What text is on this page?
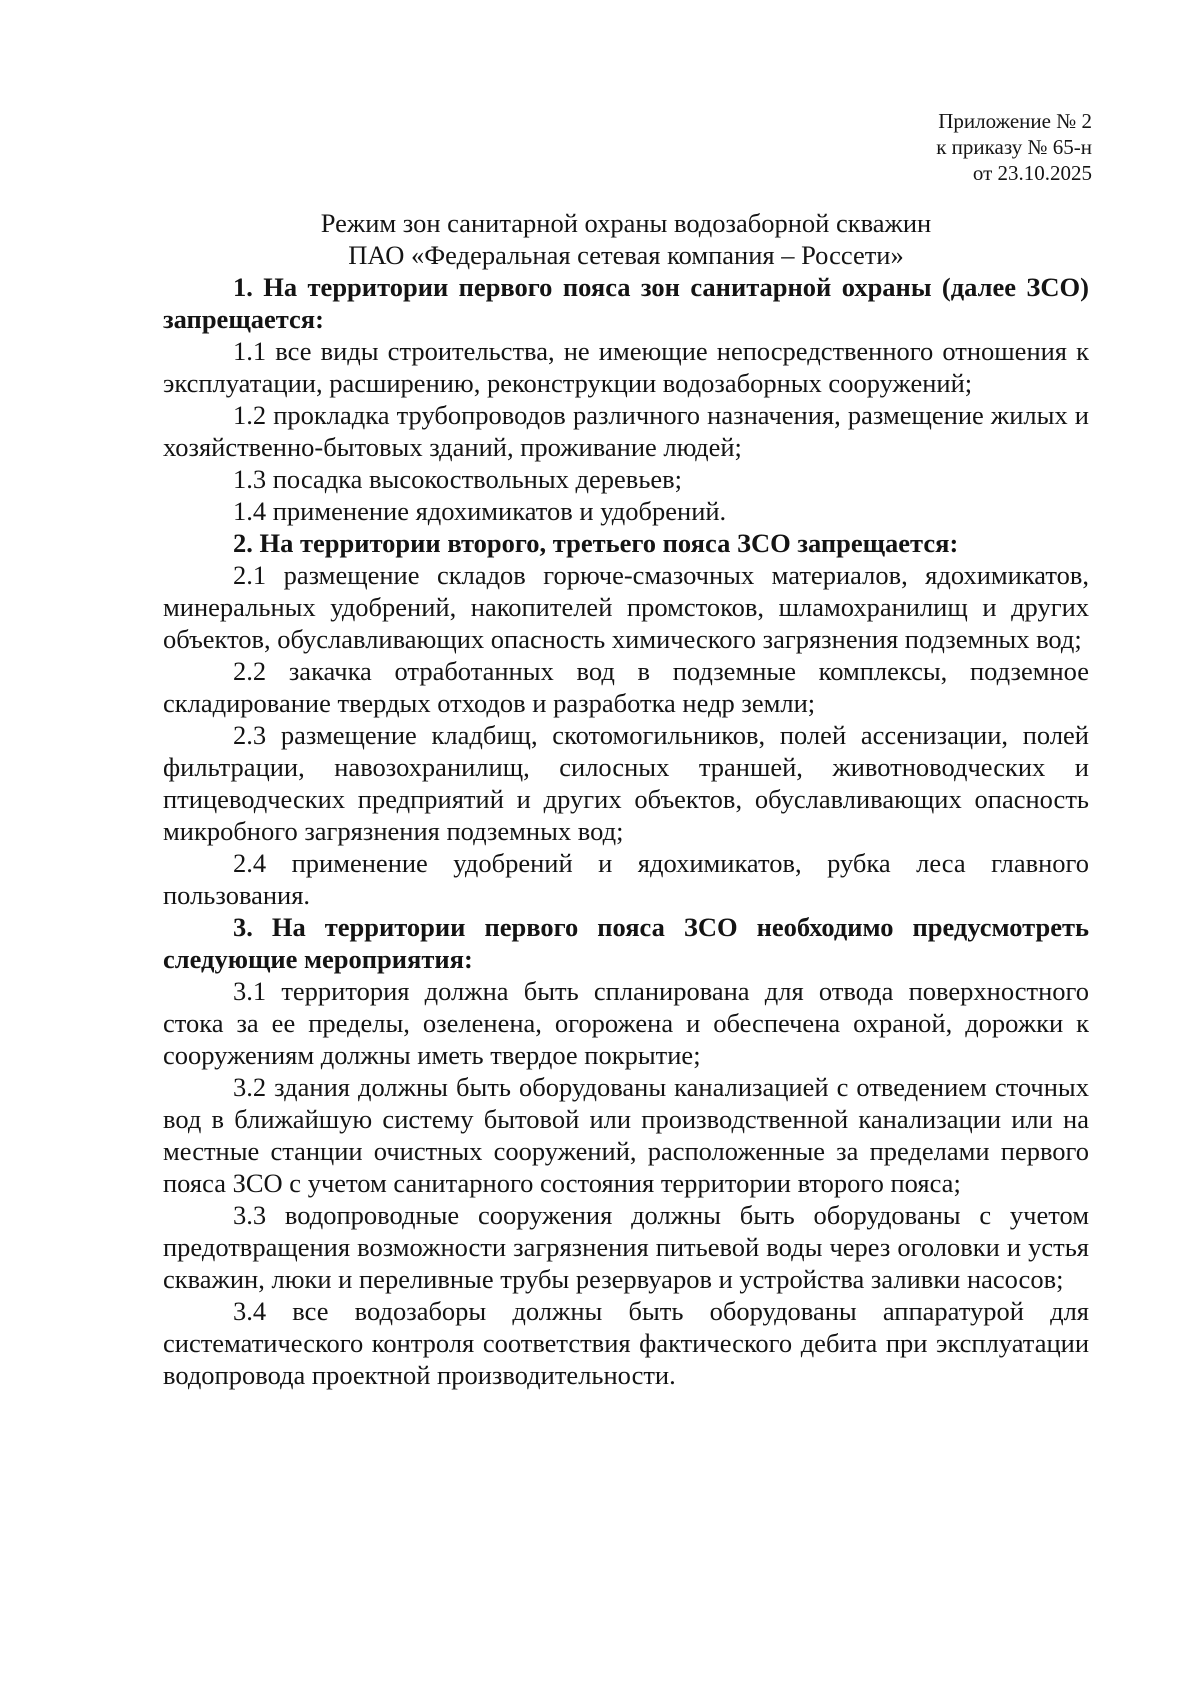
Приложение № 2
к приказу № 65-н
от 23.10.2025
Режим зон санитарной охраны водозаборной скважин
ПАО «Федеральная сетевая компания – Россети»

1. На территории первого пояса зон санитарной охраны (далее ЗСО) запрещается:

1.1 все виды строительства, не имеющие непосредственного отношения к эксплуатации, расширению, реконструкции водозаборных сооружений;

1.2 прокладка трубопроводов различного назначения, размещение жилых и хозяйственно-бытовых зданий, проживание людей;

1.3 посадка высокоствольных деревьев;

1.4 применение ядохимикатов и удобрений.

2. На территории второго, третьего пояса ЗСО запрещается:

2.1 размещение складов горюче-смазочных материалов, ядохимикатов, минеральных удобрений, накопителей промстоков, шламохранилищ и других объектов, обуславливающих опасность химического загрязнения подземных вод;

2.2 закачка отработанных вод в подземные комплексы, подземное складирование твердых отходов и разработка недр земли;

2.3 размещение кладбищ, скотомогильников, полей ассенизации, полей фильтрации, навозохранилищ, силосных траншей, животноводческих и птицеводческих предприятий и других объектов, обуславливающих опасность микробного загрязнения подземных вод;

2.4 применение удобрений и ядохимикатов, рубка леса главного пользования.

3. На территории первого пояса ЗСО необходимо предусмотреть следующие мероприятия:

3.1 территория должна быть спланирована для отвода поверхностного стока за ее пределы, озеленена, огорожена и обеспечена охраной, дорожки к сооружениям должны иметь твердое покрытие;

3.2 здания должны быть оборудованы канализацией с отведением сточных вод в ближайшую систему бытовой или производственной канализации или на местные станции очистных сооружений, расположенные за пределами первого пояса ЗСО с учетом санитарного состояния территории второго пояса;

3.3 водопроводные сооружения должны быть оборудованы с учетом предотвращения возможности загрязнения питьевой воды через оголовки и устья скважин, люки и переливные трубы резервуаров и устройства заливки насосов;

3.4 все водозаборы должны быть оборудованы аппаратурой для систематического контроля соответствия фактического дебита при эксплуатации водопровода проектной производительности.
